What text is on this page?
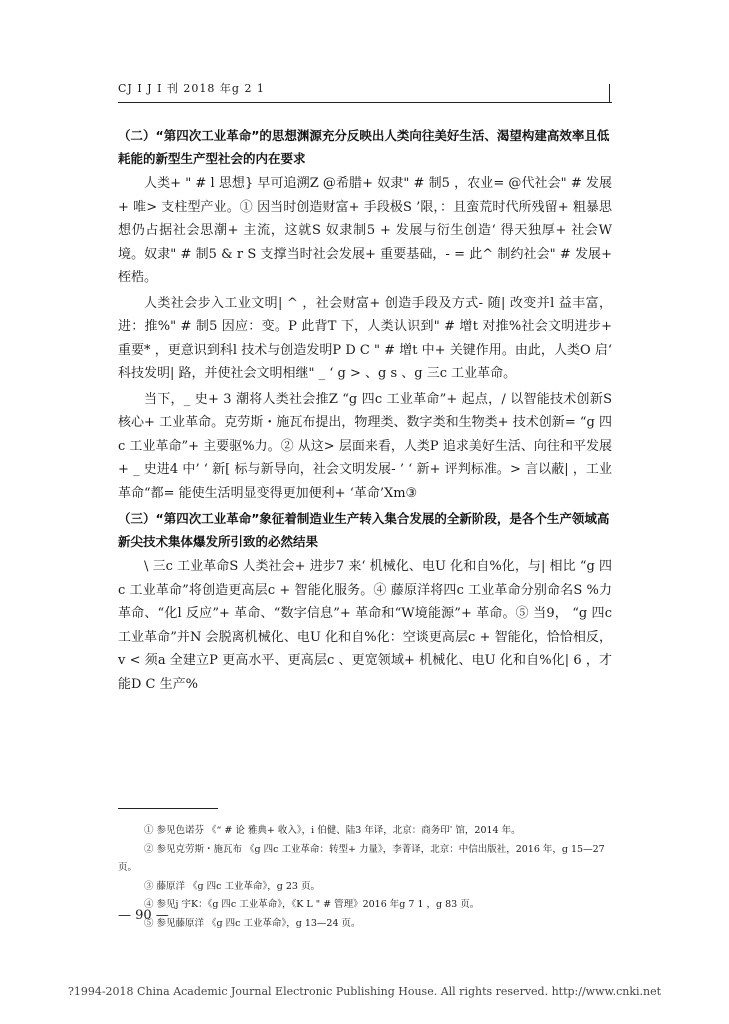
CJ I J I 刊 2018 年g 2 1

（二）“第四次工业革命”的思想渊源充分反映出人类向往美好生活、渴望构建高效率且低耗能的新型生产型社会的内在要求

人类+ " # l 思想} 早可追溯Z @希腊+ 奴隶" # 制5 ，农业= @代社会" # 发展+ 唯> 支柱型产业。① 因当时创造财富+ 手段极S ’限，：且蛮荒时代所残留+ 粗暴思想仍占据社会思潮+ 主流，这就S 奴隶制5 + 发展与衍生创造‘ 得天独厚+ 社会W境。奴隶" # 制5 & r S 支撑当时社会发展+ 重要基础，- = 此^ 制约社会" # 发展+ 桎梏。

人类社会步入工业文明| ^ ，社会财富+ 创造手段及方式- 随| 改变并l 益丰富，进：推%" # 制5 因应：变。P 此背T 下，人类认识到" # 增t 对推%社会文明进步+ 重要* ，更意识到科l 技术与创造发明P D C " # 增t 中+ 关键作用。由此，人类O 启‘ 科技发明| 路，并使社会文明相继" _ ‘ g > 、g s 、g 三c 工业革命。

当下，_ 史+ 3 潮将人类社会推Z “g 四c 工业革命”+ 起点，/ 以智能技术创新S 核心+ 工业革命。克劳斯・施瓦布提出，物理类、数字类和生物类+ 技术创新= “g 四c 工业革命”+ 主要驱%力。② 从这> 层面来看，人类P 追求美好生活、向往和平发展+ _ 史进4 中’ ‘ 新[ 标与新导向，社会文明发展- ’ ‘ 新+ 评判标准。> 言以蔽| ，工业革命“都= 能使生活明显变得更加便利+ ‘革命’Xm③

（三）“第四次工业革命”象征着制造业生产转入集合发展的全新阶段，是各个生产领域高新尖技术集体爆发所引致的必然结果

\ 三c 工业革命S 人类社会+ 进步7 来‘ 机械化、电U 化和自%化，与| 相比 “g 四c 工业革命”将创造更高层c + 智能化服务。④ 藤原洋将四c 工业革命分别命名S %力革命、“化l 反应”+ 革命、“数字信息”+ 革命和“W境能源”+ 革命。⑤ 当9， “g 四c 工业革命”并N 会脱离机械化、电U 化和自%化：空谈更高层c + 智能化，恰恰相反，v < 须a 全建立P 更高水平、更高层c 、更宽领域+ 机械化、电U 化和自%化| 6 ，才能D C 生产%

① 参见色诺芬 《“ # 论 雅典+ 收入》，i 伯健、陆3 年译，北京：商务印ˈ 馆，2014 年。

② 参见克劳斯・施瓦布 《g 四c 工业革命：转型+ 力量》，李菁译，北京：中信出版社，2016 年，g 15—27 页。

③ 藤原洋 《g 四c 工业革命》，g 23 页。

④ 参见j 宇K：《g 四c 工业革命》，《K L " # 管理》2016 年g 7 1 ，g 83 页。

⑤ 参见藤原洋 《g 四c 工业革命》，g 13—24 页。

— 90 —
?1994-2018 China Academic Journal Electronic Publishing House. All rights reserved. http://www.cnki.net
